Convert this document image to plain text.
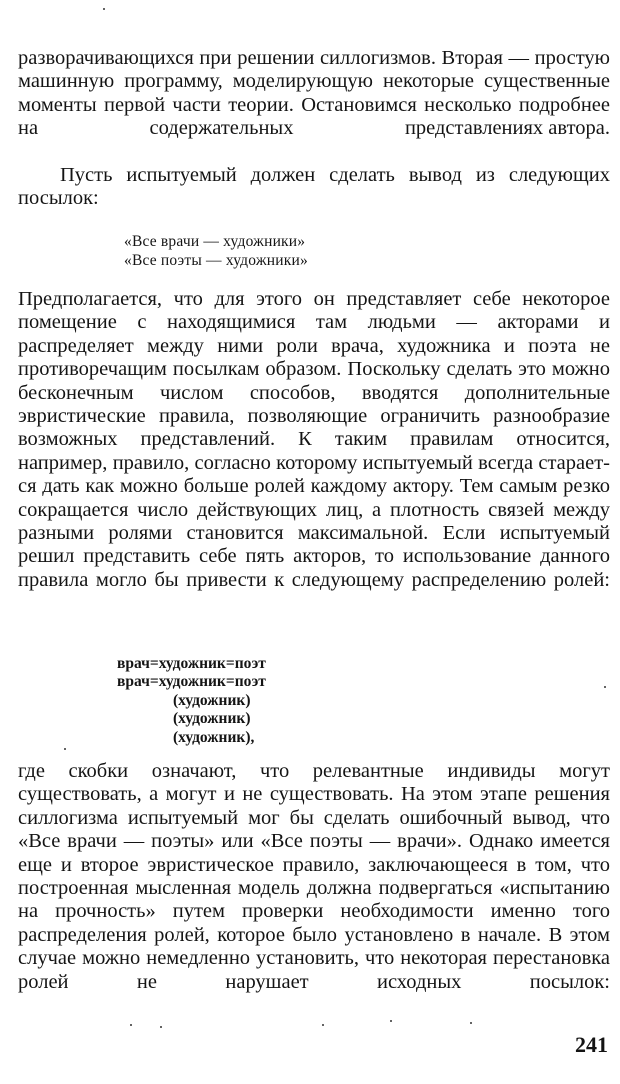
разворачивающихся при решении силлогизмов. Вторая — простую машинную программу, моделирующую некоторые существенные моменты первой части теории. Остановимся несколько подробнее на содержательных представлениях автора.

Пусть испытуемый должен сделать вывод из следующих посылок:

«Все врачи — художники»

«Все поэты — художники»

Предполагается, что для этого он представляет себе некоторое помещение с находящимися там людьми — акторами и распределяет между ними роли врача, художника и поэта не противоречащим посылкам образом. Поскольку сделать это можно бесконечным числом способов, вводятся дополнительные эвристические правила, позволяющие ограничить разнообразие возможных представлений. К таким правилам относится, например, правило, согласно которому испытуемый всегда старается дать как можно больше ролей каждому актору. Тем самым резко сокращается число действующих лиц, а плотность связей между разными ролями становится максимальной. Если испытуемый решил представить себе пять акторов, то использование данного правила могло бы привести к следующему распределению ролей:

врач=художник=поэт
врач=художник=поэт
(художник)
(художник)
(художник),

где скобки означают, что релевантные индивиды могут существовать, а могут и не существовать. На этом этапе решения силлогизма испытуемый мог бы сделать ошибочный вывод, что «Все врачи — поэты» или «Все поэты — врачи». Однако имеется еще и второе эвристическое правило, заключающееся в том, что построенная мысленная модель должна подвергаться «испытанию на прочность» путем проверки необходимости именно того распределения ролей, которое было установлено в начале. В этом случае можно немедленно установить, что некоторая перестановка ролей не нарушает исходных посылок:

241
